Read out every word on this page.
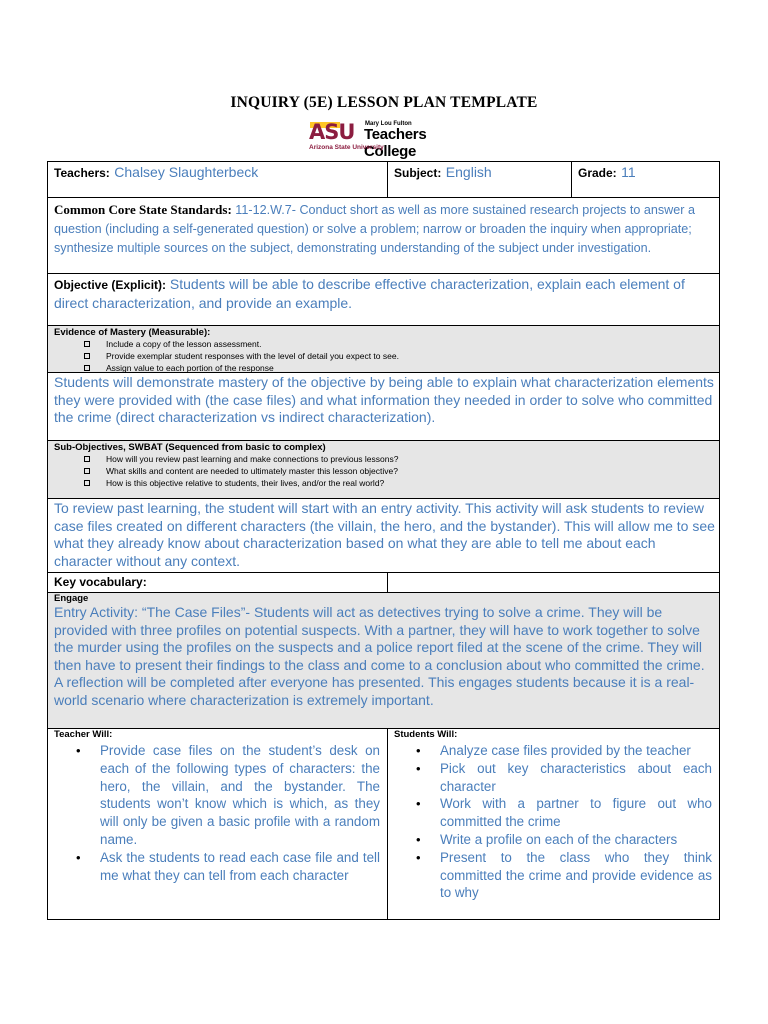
INQUIRY (5E) LESSON PLAN TEMPLATE
ASU Mary Lou Fulton
Teachers College
Arizona State University
Teachers: Chalsey Slaughterbeck	Subject: English	Grade: 11
Common Core State Standards: 11-12.W.7- Conduct short as well as more sustained research projects to answer a question (including a self-generated question) or solve a problem; narrow or broaden the inquiry when appropriate; synthesize multiple sources on the subject, demonstrating understanding of the subject under investigation.
Objective (Explicit): Students will be able to describe effective characterization, explain each element of direct characterization, and provide an example.
Evidence of Mastery (Measurable):
Include a copy of the lesson assessment.
Provide exemplar student responses with the level of detail you expect to see.
Assign value to each portion of the response
Students will demonstrate mastery of the objective by being able to explain what characterization elements they were provided with (the case files) and what information they needed in order to solve who committed the crime (direct characterization vs indirect characterization).
Sub-Objectives, SWBAT (Sequenced from basic to complex)
How will you review past learning and make connections to previous lessons?
What skills and content are needed to ultimately master this lesson objective?
How is this objective relative to students, their lives, and/or the real world?
To review past learning, the student will start with an entry activity. This activity will ask students to review case files created on different characters (the villain, the hero, and the bystander). This will allow me to see what they already know about characterization based on what they are able to tell me about each character without any context.
Key vocabulary:
Engage
Entry Activity: “The Case Files”- Students will act as detectives trying to solve a crime. They will be provided with three profiles on potential suspects. With a partner, they will have to work together to solve the murder using the profiles on the suspects and a police report filed at the scene of the crime. They will then have to present their findings to the class and come to a conclusion about who committed the crime. A reflection will be completed after everyone has presented. This engages students because it is a real-world scenario where characterization is extremely important.
Teacher Will:
• Provide case files on the student’s desk on each of the following types of characters: the hero, the villain, and the bystander. The students won’t know which is which, as they will only be given a basic profile with a random name.
• Ask the students to read each case file and tell me what they can tell from each character
Students Will:
• Analyze case files provided by the teacher
• Pick out key characteristics about each character
• Work with a partner to figure out who committed the crime
• Write a profile on each of the characters
• Present to the class who they think committed the crime and provide evidence as to why
